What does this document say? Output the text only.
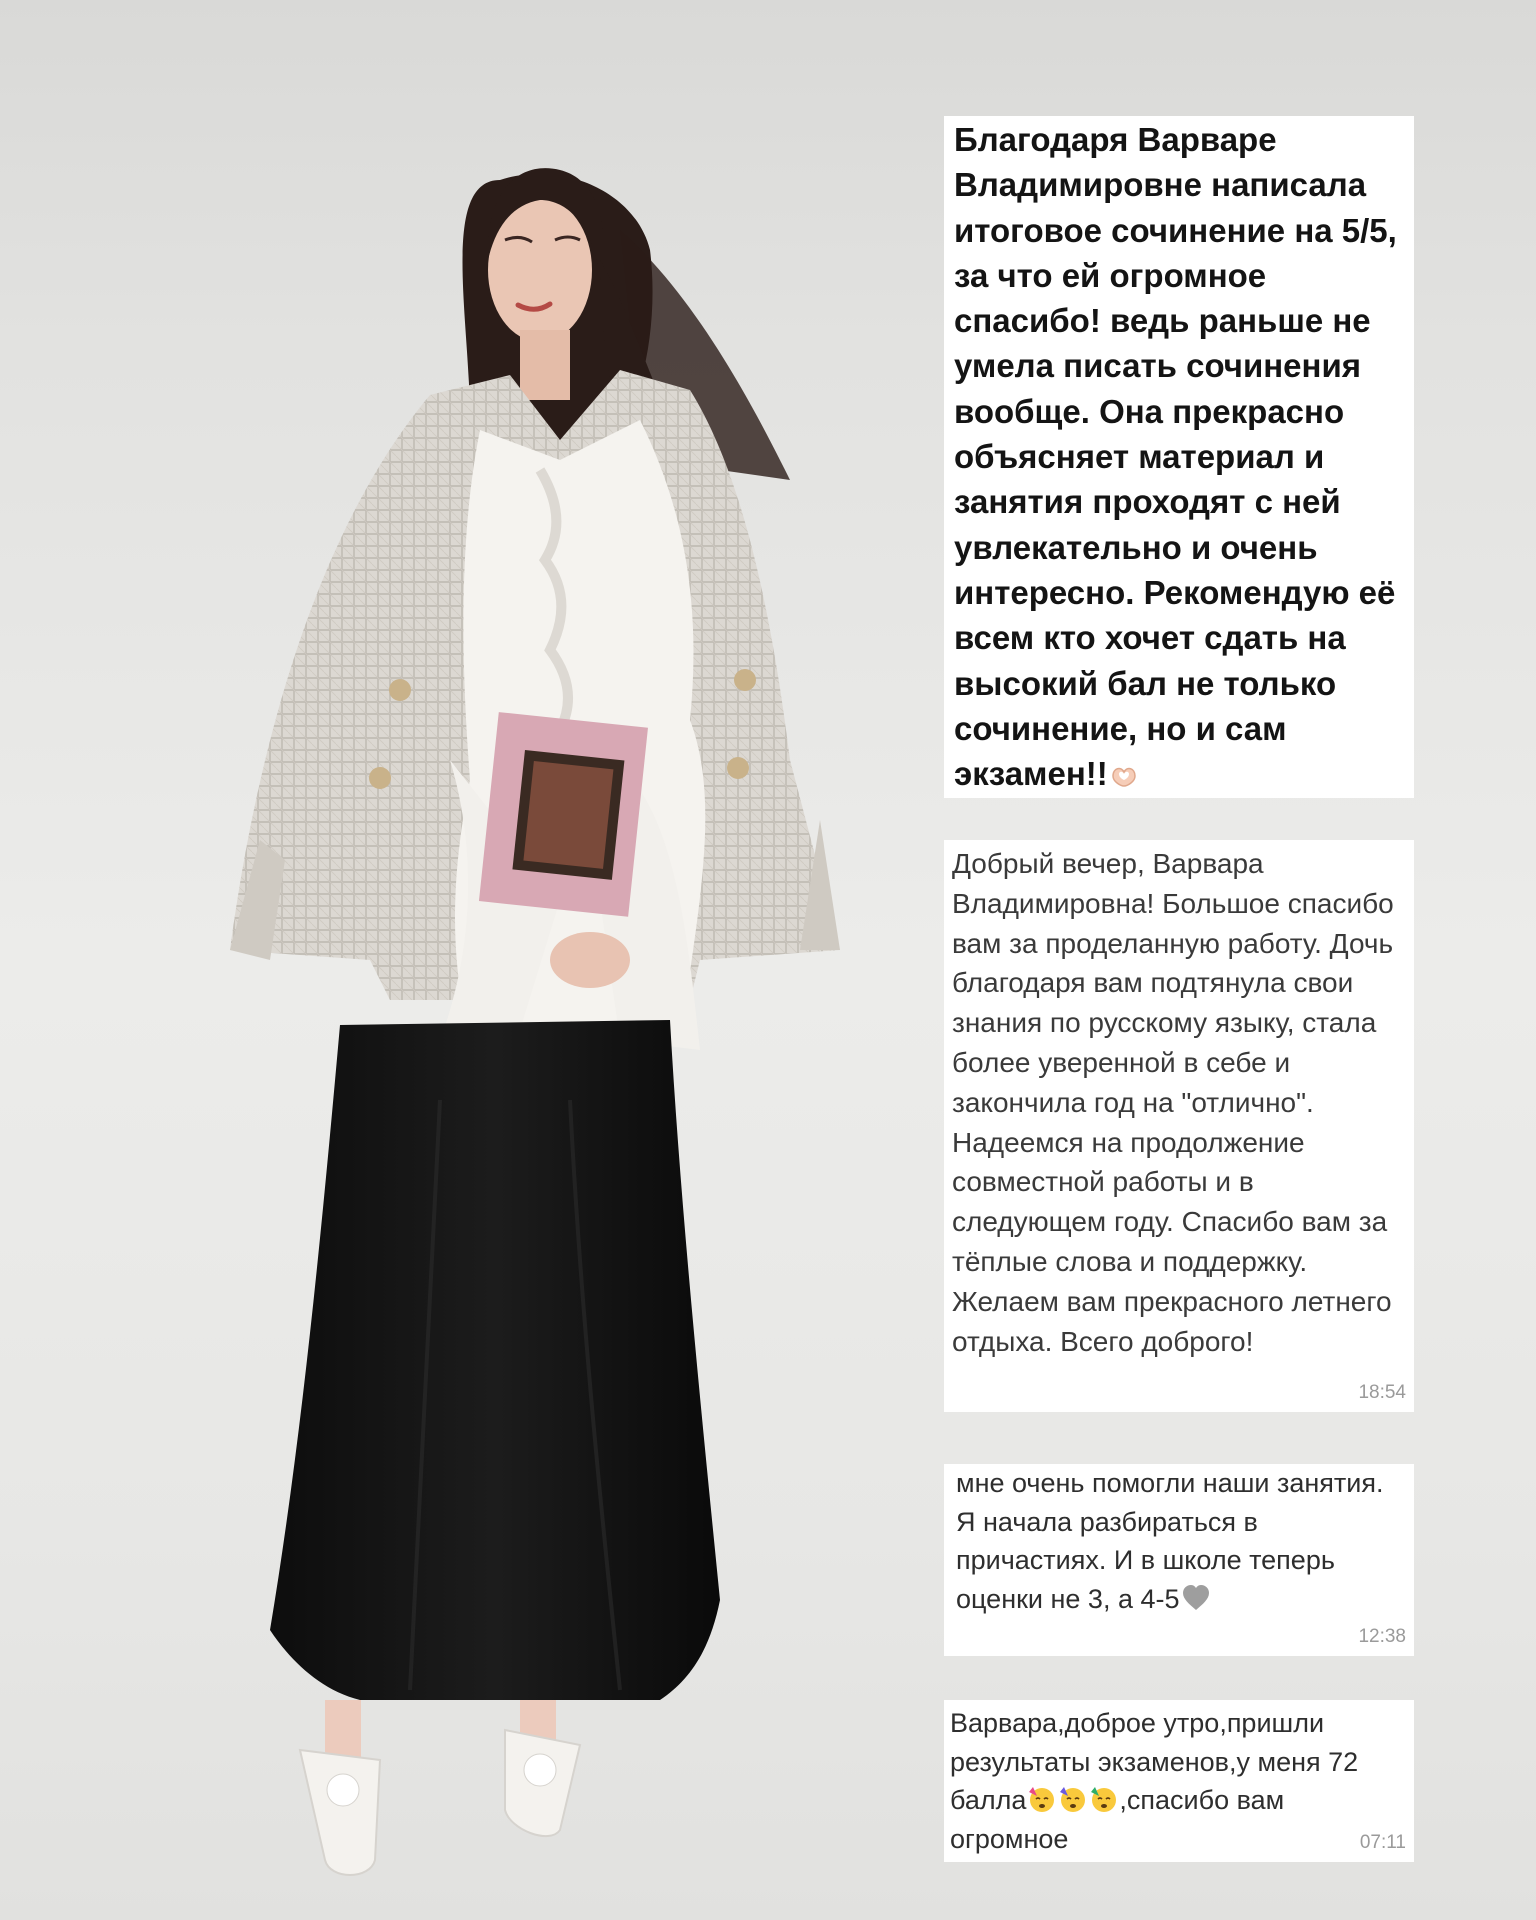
Благодаря Варваре Владимировне написала итоговое сочинение на 5/5, за что ей огромное спасибо! ведь раньше не умела писать сочинения вообще. Она прекрасно объясняет материал и занятия проходят с ней увлекательно и очень интересно. Рекомендую её всем кто хочет сдать на высокий бал не только сочинение, но и сам экзамен!!
Добрый вечер, Варвара Владимировна! Большое спасибо вам за проделанную работу. Дочь благодаря вам подтянула свои знания по русскому языку, стала более уверенной в себе и закончила год на "отлично". Надеемся на продолжение совместной работы и в следующем году. Спасибо вам за тёплые слова и поддержку. Желаем вам прекрасного летнего отдыха. Всего доброго!
18:54
мне очень помогли наши занятия. Я начала разбираться в причастиях. И в школе теперь оценки не 3, а 4-5
12:38
Варвара,доброе утро,пришли результаты экзаменов,у меня 72 балла	,спасибо вам огромное	07:11
